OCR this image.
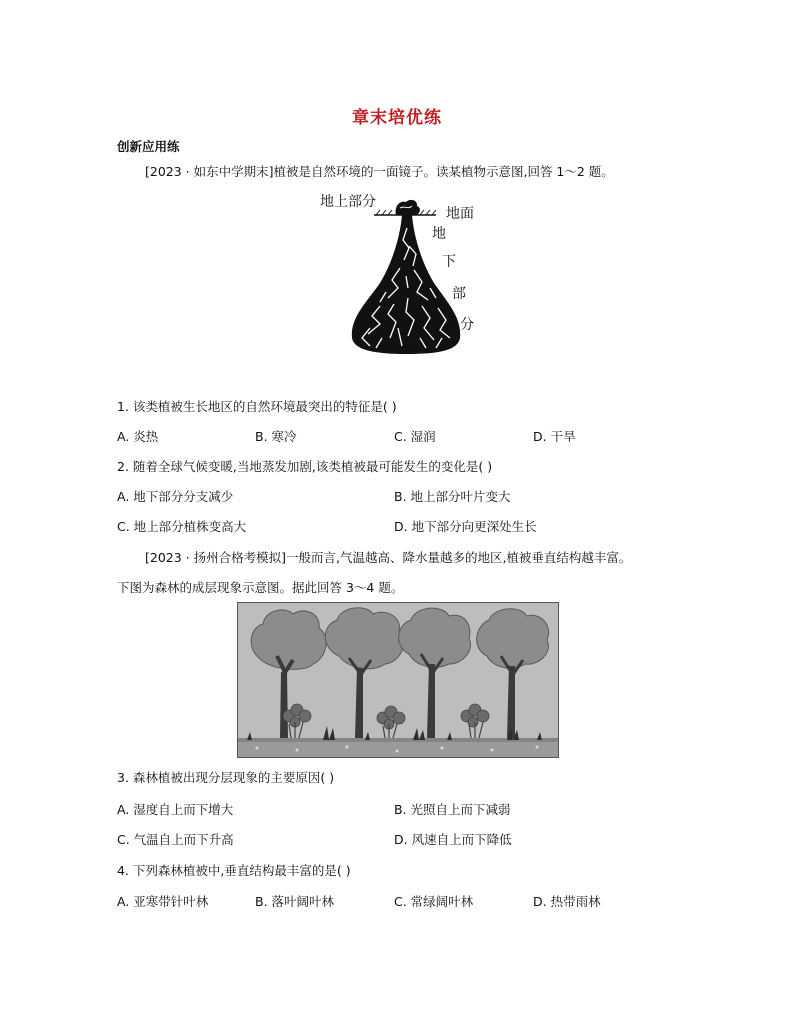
章末培优练
创新应用练
[2023 · 如东中学期末]植被是自然环境的一面镜子。读某植物示意图,回答 1～2 题。
地上部分
地面
地
下
部
分
1. 该类植被生长地区的自然环境最突出的特征是( )
A. 炎热	B. 寒冷	C. 湿润	D. 干旱
2. 随着全球气候变暖,当地蒸发加剧,该类植被最可能发生的变化是( )
A. 地下部分分支减少	B. 地上部分叶片变大
C. 地上部分植株变高大	D. 地下部分向更深处生长
[2023 · 扬州合格考模拟]一般而言,气温越高、降水量越多的地区,植被垂直结构越丰富。
下图为森林的成层现象示意图。据此回答 3～4 题。
3. 森林植被出现分层现象的主要原因( )
A. 湿度自上而下增大	B. 光照自上而下减弱
C. 气温自上而下升高	D. 风速自上而下降低
4. 下列森林植被中,垂直结构最丰富的是( )
A. 亚寒带针叶林	B. 落叶阔叶林	C. 常绿阔叶林	D. 热带雨林
